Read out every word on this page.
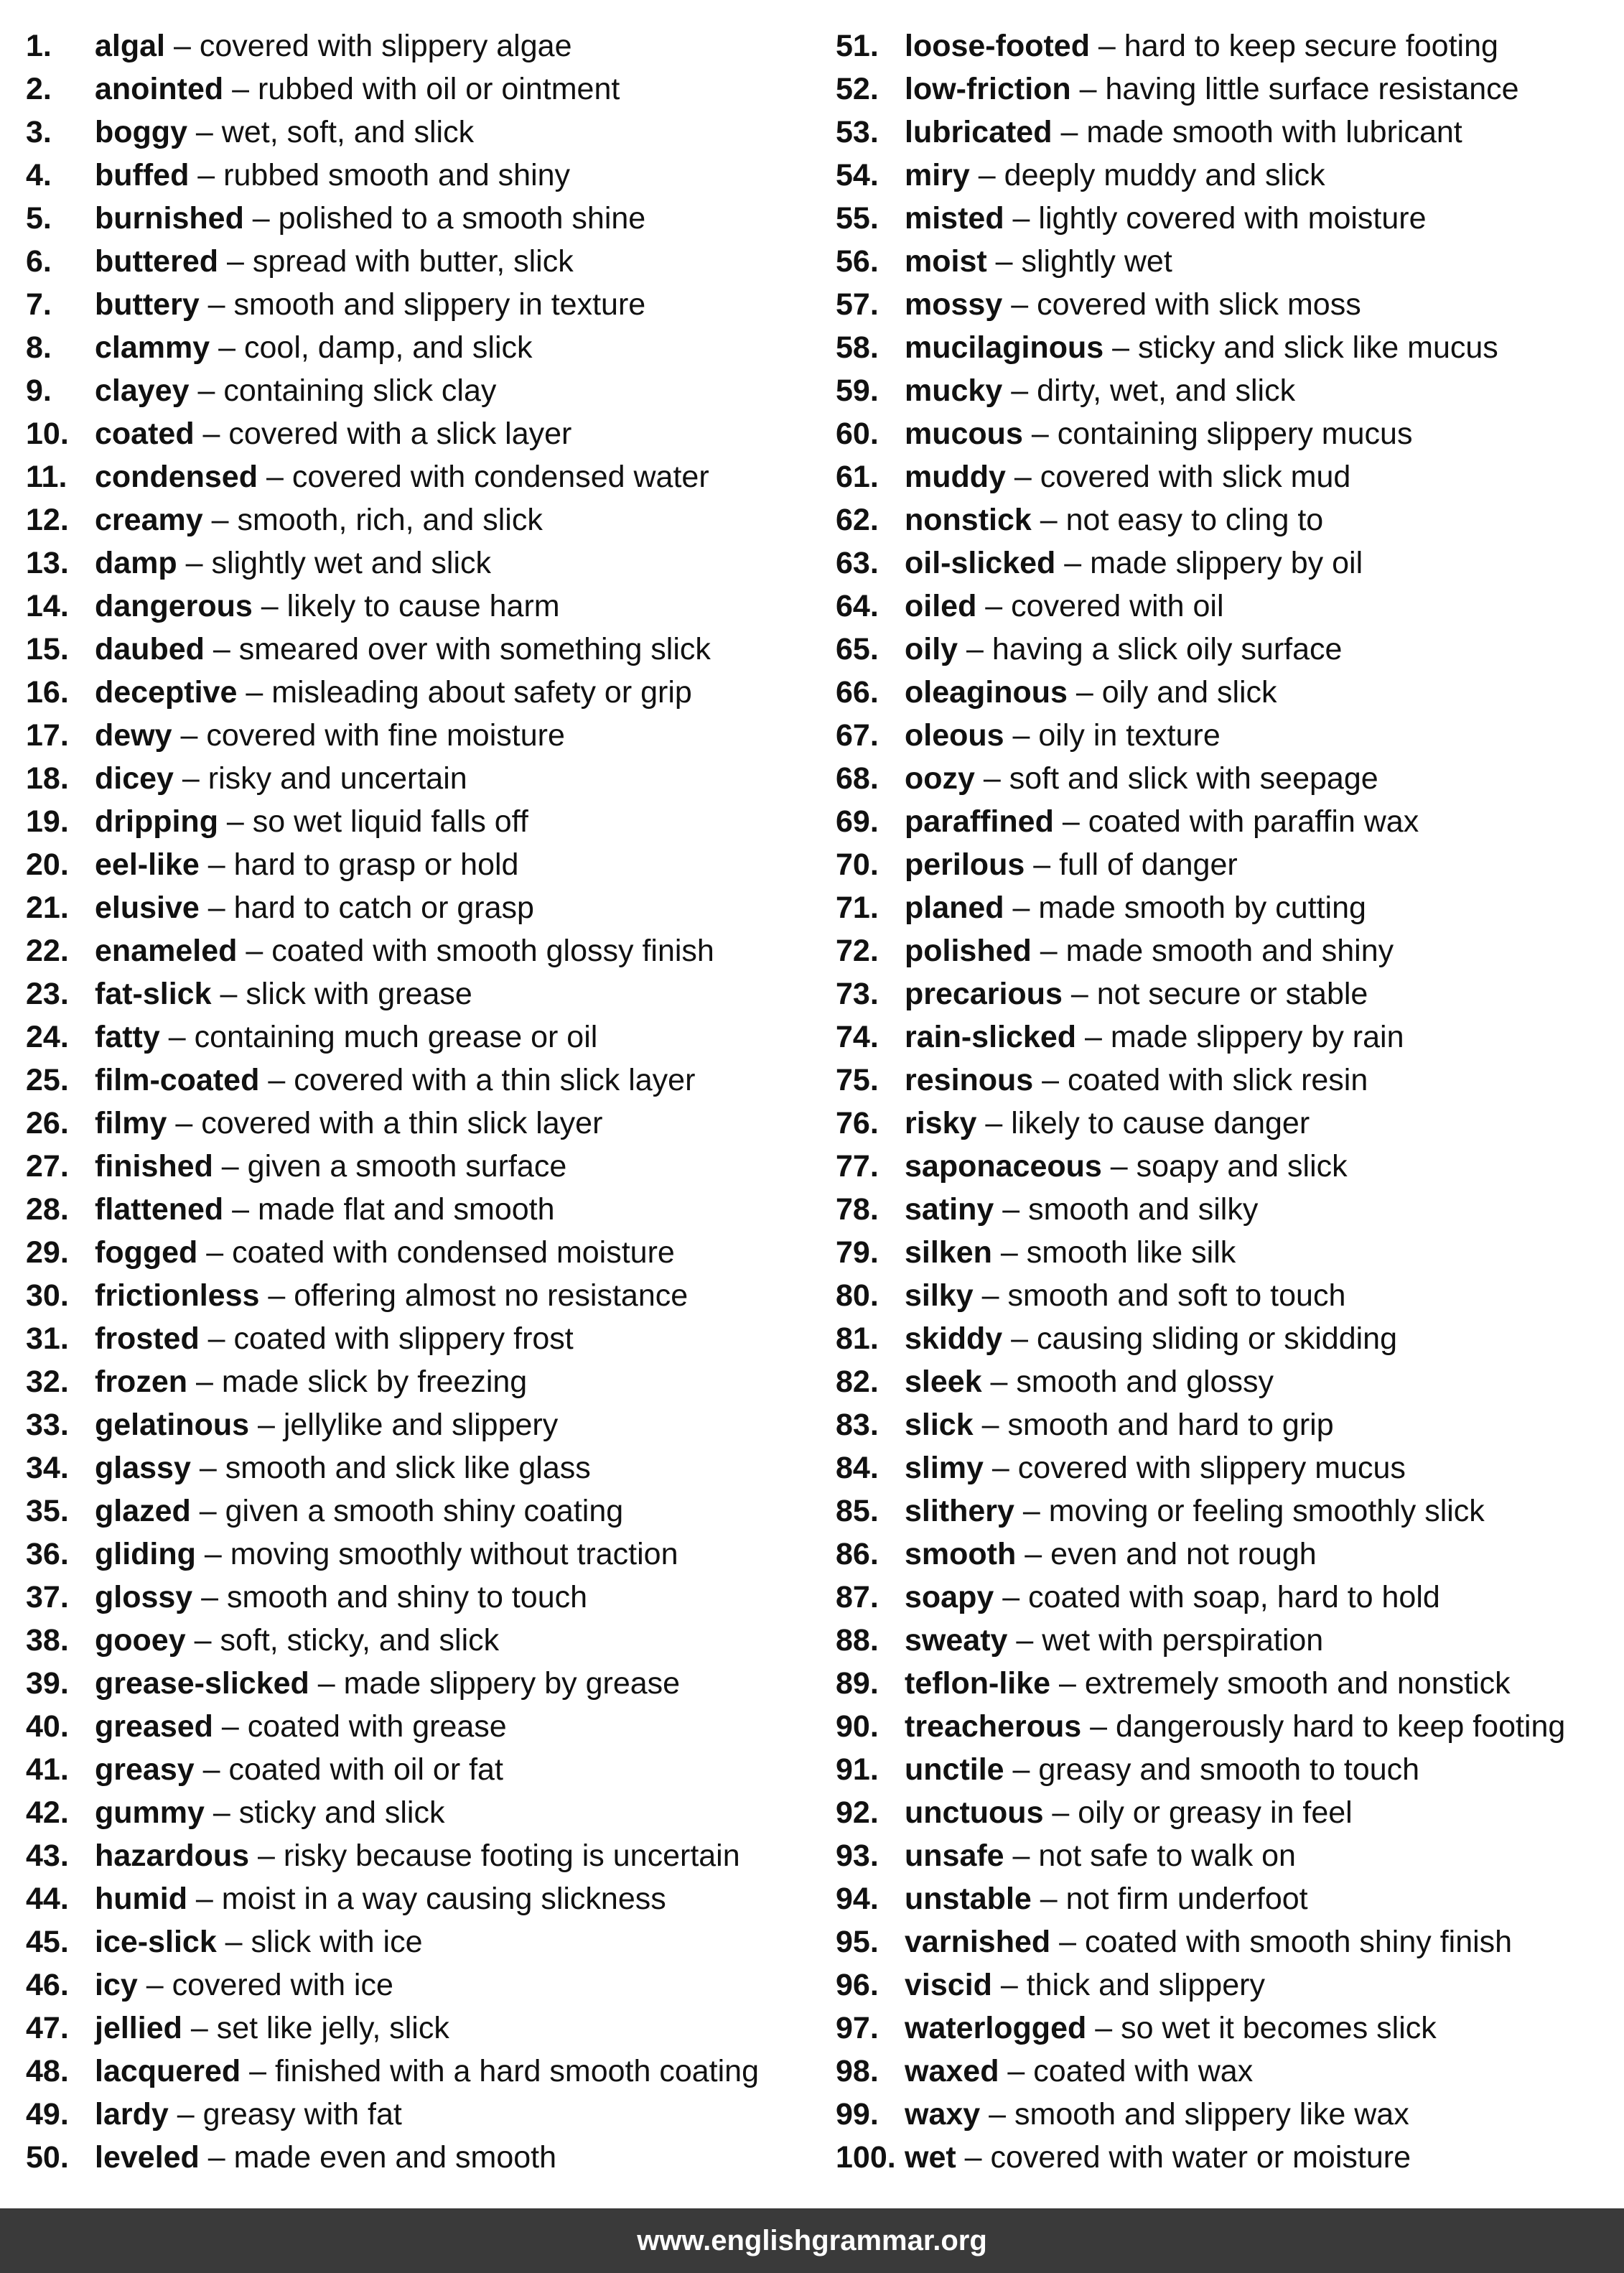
1. algal – covered with slippery algae
2. anointed – rubbed with oil or ointment
3. boggy – wet, soft, and slick
4. buffed – rubbed smooth and shiny
5. burnished – polished to a smooth shine
6. buttered – spread with butter, slick
7. buttery – smooth and slippery in texture
8. clammy – cool, damp, and slick
9. clayey – containing slick clay
10. coated – covered with a slick layer
11. condensed – covered with condensed water
12. creamy – smooth, rich, and slick
13. damp – slightly wet and slick
14. dangerous – likely to cause harm
15. daubed – smeared over with something slick
16. deceptive – misleading about safety or grip
17. dewy – covered with fine moisture
18. dicey – risky and uncertain
19. dripping – so wet liquid falls off
20. eel-like – hard to grasp or hold
21. elusive – hard to catch or grasp
22. enameled – coated with smooth glossy finish
23. fat-slick – slick with grease
24. fatty – containing much grease or oil
25. film-coated – covered with a thin slick layer
26. filmy – covered with a thin slick layer
27. finished – given a smooth surface
28. flattened – made flat and smooth
29. fogged – coated with condensed moisture
30. frictionless – offering almost no resistance
31. frosted – coated with slippery frost
32. frozen – made slick by freezing
33. gelatinous – jellylike and slippery
34. glassy – smooth and slick like glass
35. glazed – given a smooth shiny coating
36. gliding – moving smoothly without traction
37. glossy – smooth and shiny to touch
38. gooey – soft, sticky, and slick
39. grease-slicked – made slippery by grease
40. greased – coated with grease
41. greasy – coated with oil or fat
42. gummy – sticky and slick
43. hazardous – risky because footing is uncertain
44. humid – moist in a way causing slickness
45. ice-slick – slick with ice
46. icy – covered with ice
47. jellied – set like jelly, slick
48. lacquered – finished with a hard smooth coating
49. lardy – greasy with fat
50. leveled – made even and smooth
51. loose-footed – hard to keep secure footing
52. low-friction – having little surface resistance
53. lubricated – made smooth with lubricant
54. miry – deeply muddy and slick
55. misted – lightly covered with moisture
56. moist – slightly wet
57. mossy – covered with slick moss
58. mucilaginous – sticky and slick like mucus
59. mucky – dirty, wet, and slick
60. mucous – containing slippery mucus
61. muddy – covered with slick mud
62. nonstick – not easy to cling to
63. oil-slicked – made slippery by oil
64. oiled – covered with oil
65. oily – having a slick oily surface
66. oleaginous – oily and slick
67. oleous – oily in texture
68. oozy – soft and slick with seepage
69. paraffined – coated with paraffin wax
70. perilous – full of danger
71. planed – made smooth by cutting
72. polished – made smooth and shiny
73. precarious – not secure or stable
74. rain-slicked – made slippery by rain
75. resinous – coated with slick resin
76. risky – likely to cause danger
77. saponaceous – soapy and slick
78. satiny – smooth and silky
79. silken – smooth like silk
80. silky – smooth and soft to touch
81. skiddy – causing sliding or skidding
82. sleek – smooth and glossy
83. slick – smooth and hard to grip
84. slimy – covered with slippery mucus
85. slithery – moving or feeling smoothly slick
86. smooth – even and not rough
87. soapy – coated with soap, hard to hold
88. sweaty – wet with perspiration
89. teflon-like – extremely smooth and nonstick
90. treacherous – dangerously hard to keep footing
91. unctile – greasy and smooth to touch
92. unctuous – oily or greasy in feel
93. unsafe – not safe to walk on
94. unstable – not firm underfoot
95. varnished – coated with smooth shiny finish
96. viscid – thick and slippery
97. waterlogged – so wet it becomes slick
98. waxed – coated with wax
99. waxy – smooth and slippery like wax
100. wet – covered with water or moisture
www.englishgrammar.org
